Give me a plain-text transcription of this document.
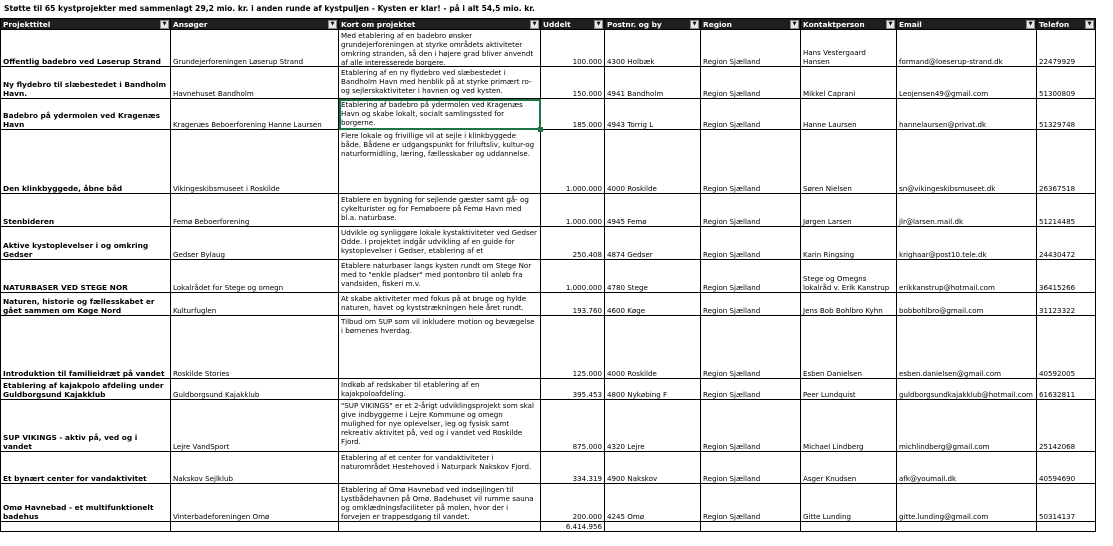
Støtte til 65 kystprojekter med sammenlagt 29,2 mio. kr. i anden runde af kystpuljen - Kysten er klar! - på i alt 54,5 mio. kr.
Projekttitel ▼	Ansøger ▼	Kort om projektet ▼	Uddelt ▼	Postnr. og by ▼	Region ▼	Kontaktperson ▼	Email ▼	Telefon ▼

Offentlig badebro ved Løserup Strand	Grundejerforeningen Løserup Strand	Med etablering af en badebro ønsker grundejerforeningen at styrke områdets aktiviteter omkring stranden, så den i højere grad bliver anvendt af alle interesserede borgere.	100.000	4300 Holbæk	Region Sjælland	Hans Vestergaard Hansen	formand@loeserup-strand.dk	22479929
Ny flydebro til slæbestedet i Bandholm Havn.	Havnehuset Bandholm	Etablering af en ny flydebro ved slæbestedet i Bandholm Havn med henblik på at styrke primært ro- og sejlerskaktiviteter i havnen og ved kysten.	150.000	4941 Bandholm	Region Sjælland	Mikkel Caprani	Leojensen49@gmail.com	51300809
Badebro på ydermolen ved Kragenæs Havn	Kragenæs Beboerforening Hanne Laursen	Etablering af badebro på ydermolen ved Kragenæs Havn og skabe lokalt, socialt samlingssted for borgerne.	185.000	4943 Torrig L	Region Sjælland	Hanne Laursen	hannelaursen@privat.dk	51329748
Den klinkbyggede, åbne båd	Vikingeskibsmuseet i Roskilde	Flere lokale og frivillige vil at sejle i klinkbyggede både. Bådene er udgangspunkt for friluftsliv, kultur-og naturformidling, læring, fællesskaber og uddannelse.	1.000.000	4000 Roskilde	Region Sjælland	Søren Nielsen	sn@vikingeskibsmuseet.dk	26367518
Stenbideren	Femø Beboerforening	Etablere en bygning for sejlende gæster samt gå- og cykelturister og for Femøboere på Femø Havn med bl.a. naturbase.	1.000.000	4945 Femø	Region Sjælland	Jørgen Larsen	jlr@larsen.mail.dk	51214485
Aktive kystoplevelser i og omkring Gedser	Gedser Bylaug	Udvikle og synliggøre lokale kystaktiviteter ved Gedser Odde. I projektet indgår udvikling af en guide for kystoplevelser i Gedser, etablering af et	250.408	4874 Gedser	Region Sjælland	Karin Ringsing	krighaar@post10.tele.dk	24430472
NATURBASER VED STEGE NOR	Lokalrådet for Stege og omegn	Etablere naturbaser langs kysten rundt om Stege Nor med to "enkle pladser" med pontonbro til anløb fra vandsiden, fiskeri m.v.	1.000.000	4780 Stege	Region Sjælland	Stege og Omegns lokalråd v. Erik Kanstrup	erikkanstrup@hotmail.com	36415266
Naturen, historie og fællesskabet er gået sammen om Køge Nord	Kulturfuglen	At skabe aktiviteter med fokus på at bruge og hylde naturen, havet og kyststrækningen hele året rundt.	193.760	4600 Køge	Region Sjælland	Jens Bob Bohlbro Kyhn	bobbohlbro@gmail.com	31123322
Introduktion til familieidræt på vandet	Roskilde Stories	Tilbud om SUP som vil inkludere motion og bevægelse i børnenes hverdag.	125.000	4000 Roskilde	Region Sjælland	Esben Danielsen	esben.danielsen@gmail.com	40592005
Etablering af kajakpolo afdeling under Guldborgsund Kajakklub	Guldborgsund Kajakklub	Indkøb af redskaber til etablering af en kajakpoloafdeling.	395.453	4800 Nykøbing F	Region Sjælland	Peer Lundquist	guldborgsundkajakklub@hotmail.com	61632811
SUP VIKINGS - aktiv på, ved og i vandet	Lejre VandSport	"SUP VIKINGS" er et 2-årigt udviklingsprojekt som skal give indbyggerne i Lejre Kommune og omegn mulighed for nye oplevelser, leg og fysisk samt rekreativ aktivitet på, ved og i vandet ved Roskilde Fjord.	875.000	4320 Lejre	Region Sjælland	Michael Lindberg	michlindberg@gmail.com	25142068
Et bynært center for vandaktivitet	Nakskov Sejlklub	Etablering af et center for vandaktiviteter i naturområdet Hestehoved i Naturpark Nakskov Fjord.	334.319	4900 Nakskov	Region Sjælland	Asger Knudsen	afk@youmail.dk	40594690
Omø Havnebad - et multifunktionelt badehus	Vinterbadeforeningen Omø	Etablering af Omø Havnebad ved indsejlingen til Lystbådehavnen på Omø. Badehuset vil rumme sauna og omklædningsfaciliteter på molen, hvor der i forvejen er trappesdgang til vandet.	200.000	4245 Omø	Region Sjælland	Gitte Lunding	gitte.lunding@gmail.com	50314137
			6.414.956					
